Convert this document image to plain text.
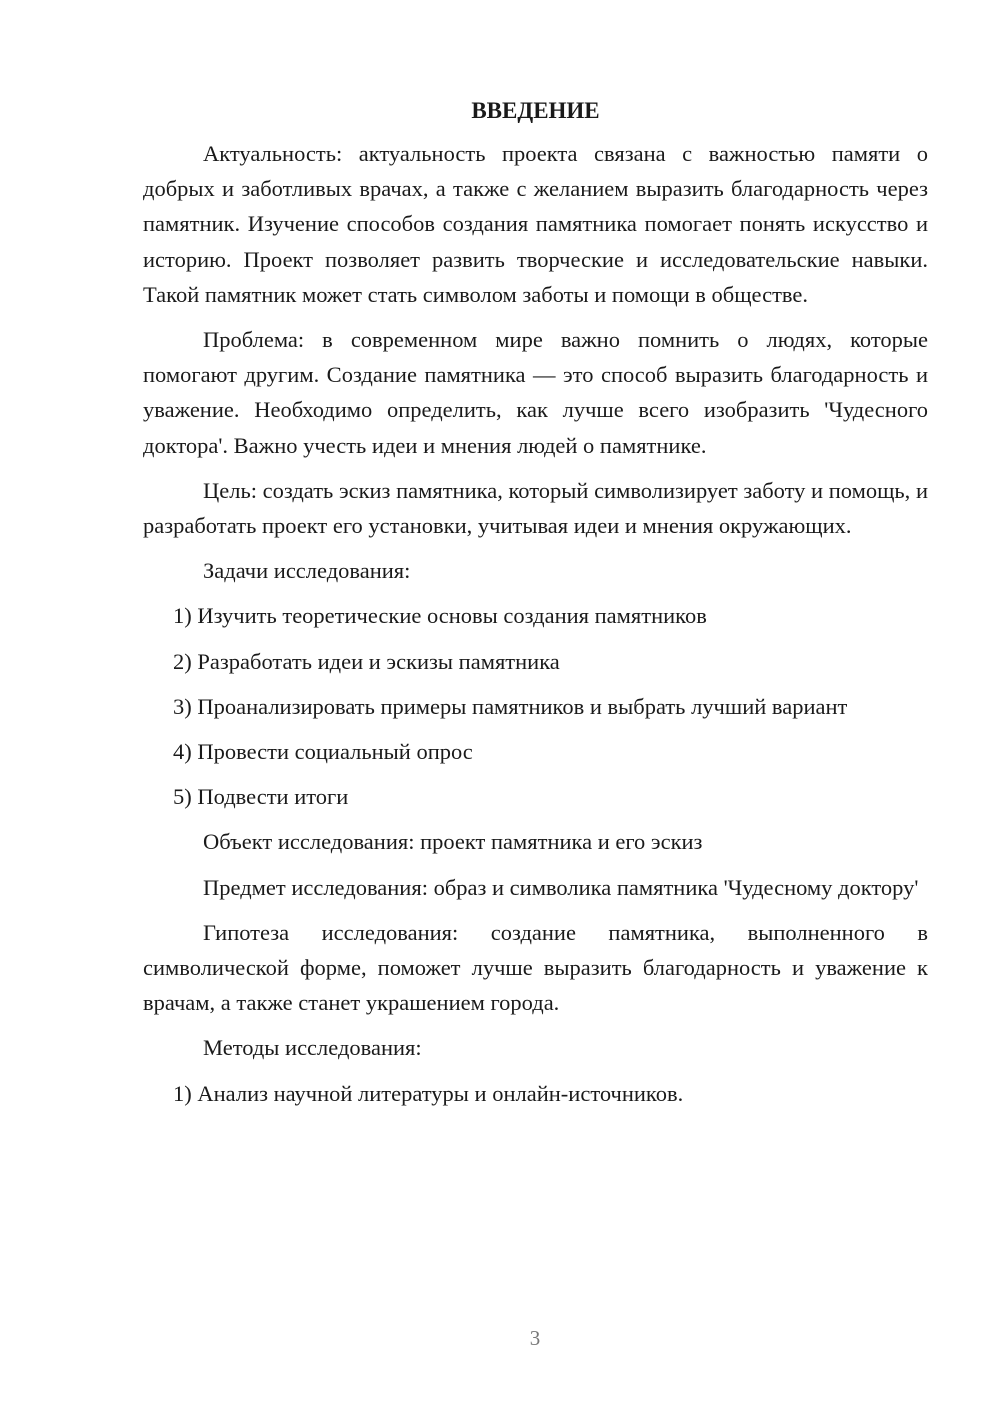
ВВЕДЕНИЕ

Актуальность: актуальность проекта связана с важностью памяти о добрых и заботливых врачах, а также с желанием выразить благодарность через памятник. Изучение способов создания памятника помогает понять искусство и историю. Проект позволяет развить творческие и исследовательские навыки. Такой памятник может стать символом заботы и помощи в обществе.

Проблема: в современном мире важно помнить о людях, которые помогают другим. Создание памятника — это способ выразить благодарность и уважение. Необходимо определить, как лучше всего изобразить 'Чудесного доктора'. Важно учесть идеи и мнения людей о памятнике.

Цель: создать эскиз памятника, который символизирует заботу и помощь, и разработать проект его установки, учитывая идеи и мнения окружающих.

Задачи исследования:

1) Изучить теоретические основы создания памятников

2) Разработать идеи и эскизы памятника

3) Проанализировать примеры памятников и выбрать лучший вариант

4) Провести социальный опрос

5) Подвести итоги

Объект исследования: проект памятника и его эскиз

Предмет исследования: образ и символика памятника 'Чудесному доктору'

Гипотеза исследования: создание памятника, выполненного в символической форме, поможет лучше выразить благодарность и уважение к врачам, а также станет украшением города.

Методы исследования:

1) Анализ научной литературы и онлайн-источников.

3
